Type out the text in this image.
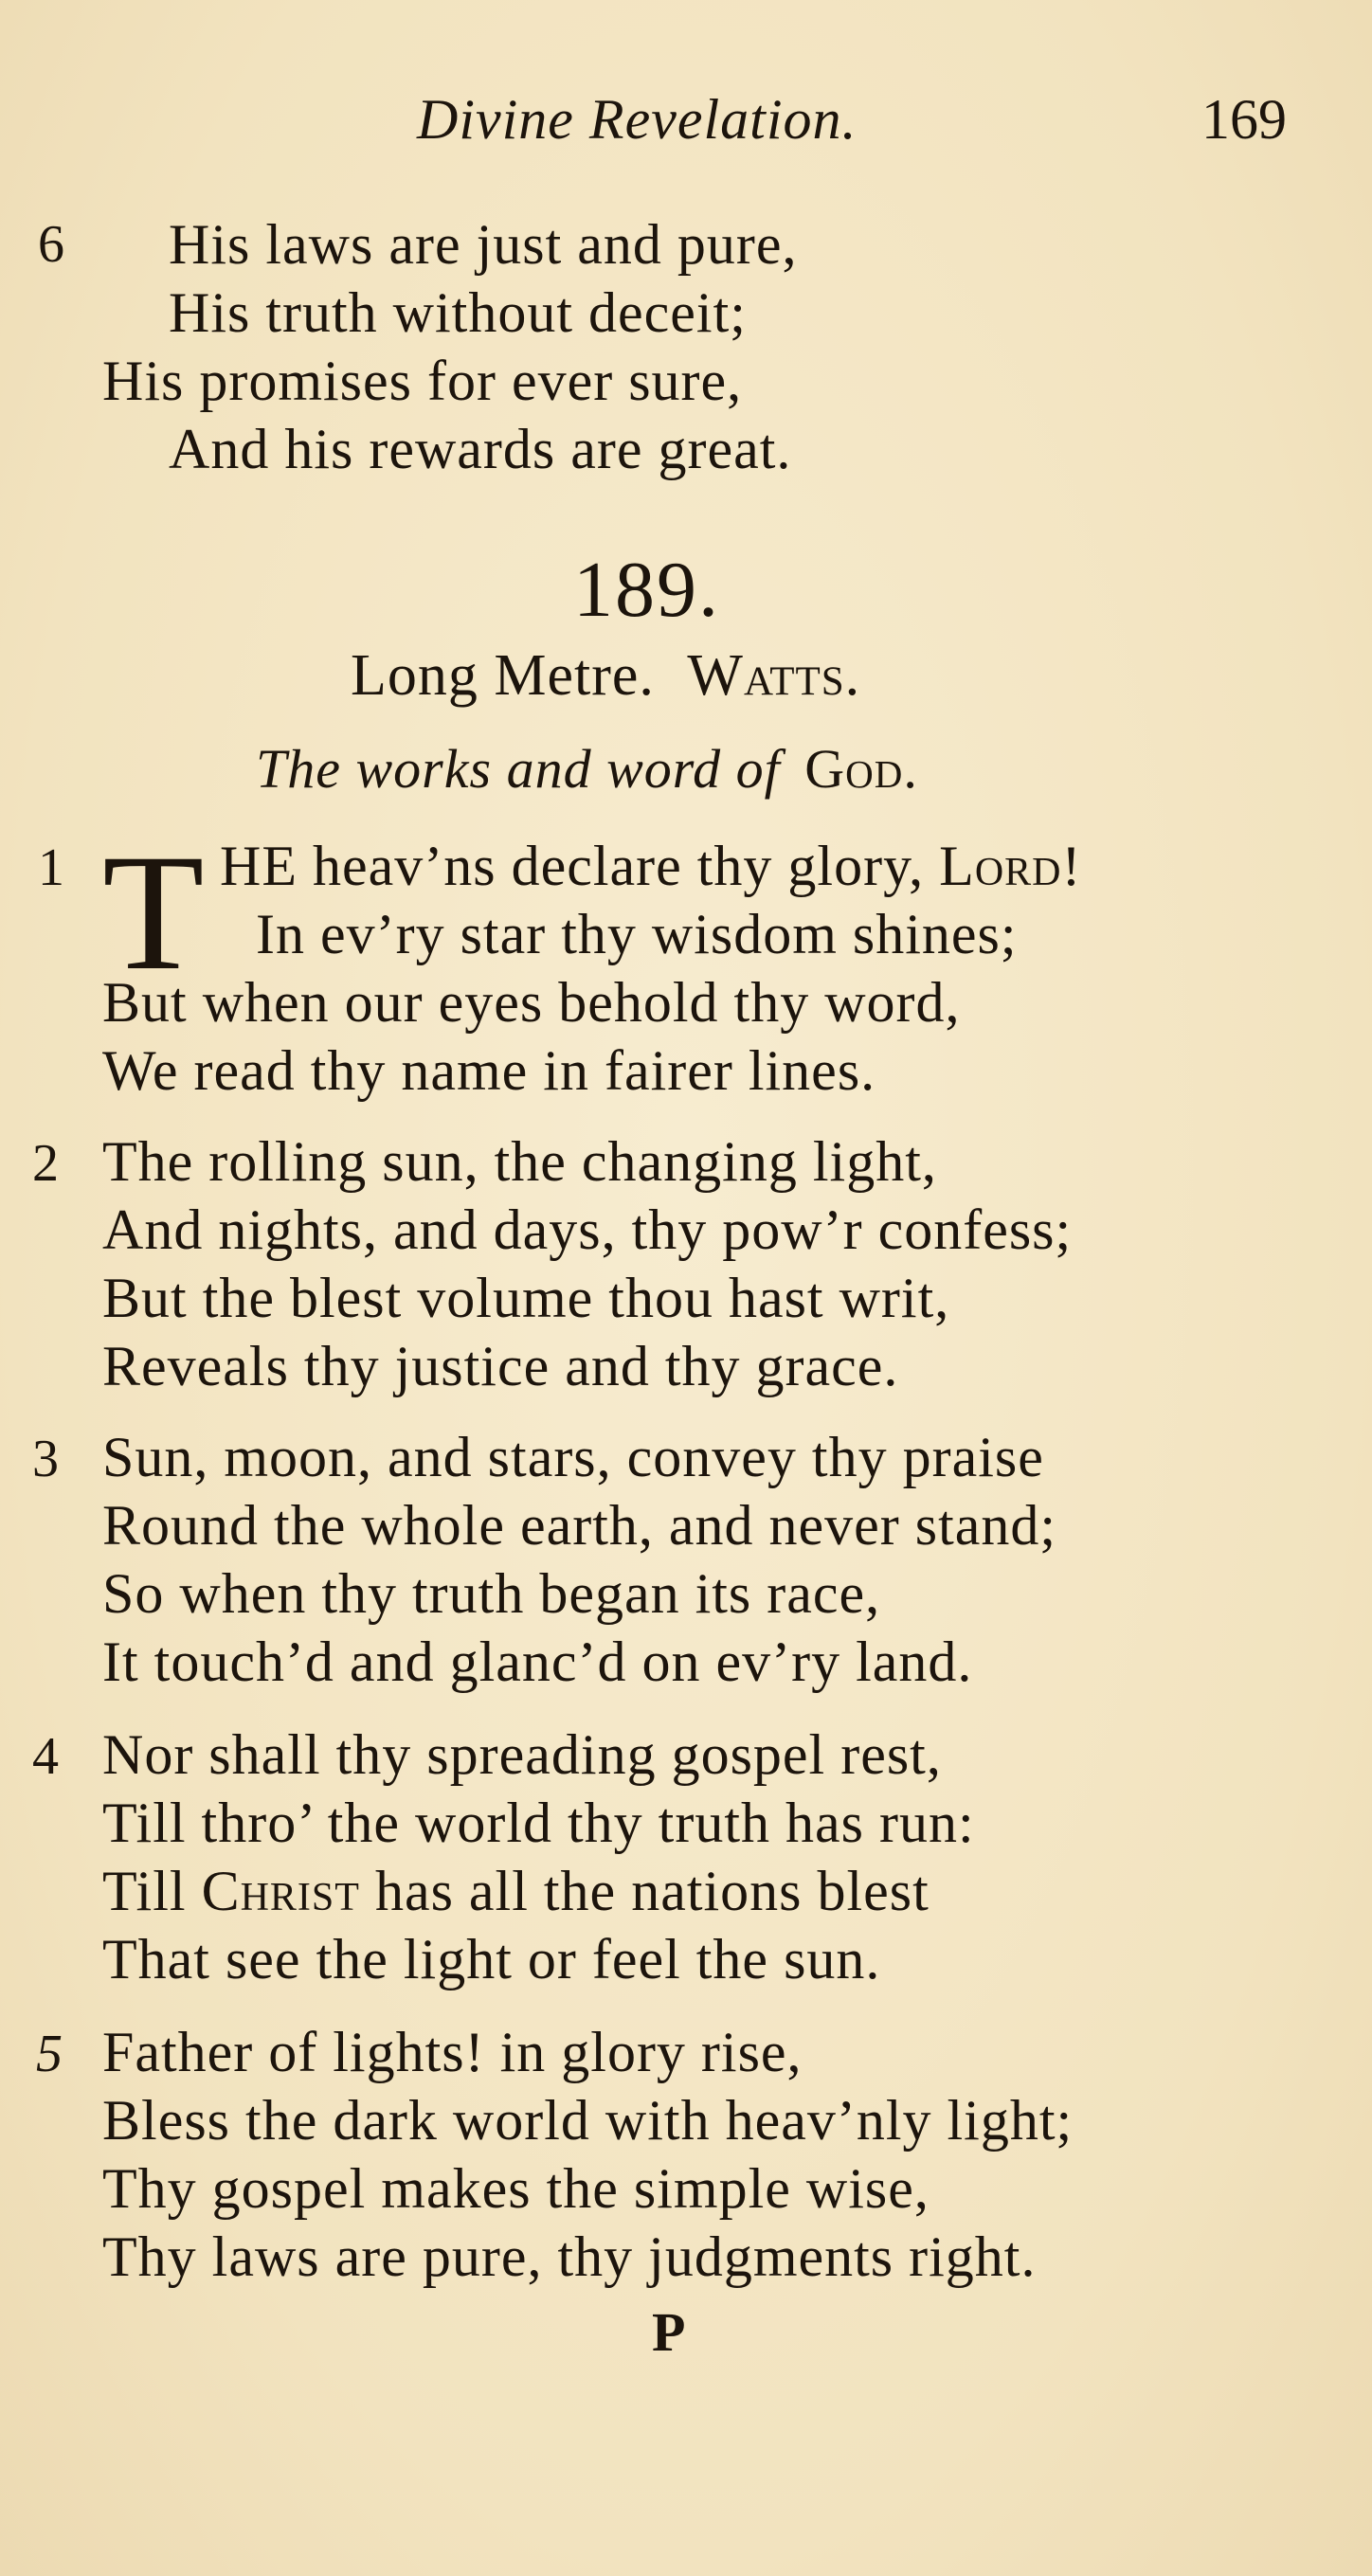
Divine Revelation.	169
6 His laws are just and pure,
His truth without deceit;
His promises for ever sure,
And his rewards are great.
189.
Long Metre. Watts.
The works and word of God.
1 T HE heav’ns declare thy glory, Lord!
In ev’ry star thy wisdom shines;
But when our eyes behold thy word,
We read thy name in fairer lines.
2 The rolling sun, the changing light,
And nights, and days, thy pow’r confess;
But the blest volume thou hast writ,
Reveals thy justice and thy grace.
3 Sun, moon, and stars, convey thy praise
Round the whole earth, and never stand;
So when thy truth began its race,
It touch’d and glanc’d on ev’ry land.
4 Nor shall thy spreading gospel rest,
Till thro’ the world thy truth has run:
Till Christ has all the nations blest
That see the light or feel the sun.
5 Father of lights! in glory rise,
Bless the dark world with heav’nly light;
Thy gospel makes the simple wise,
Thy laws are pure, thy judgments right.
P
